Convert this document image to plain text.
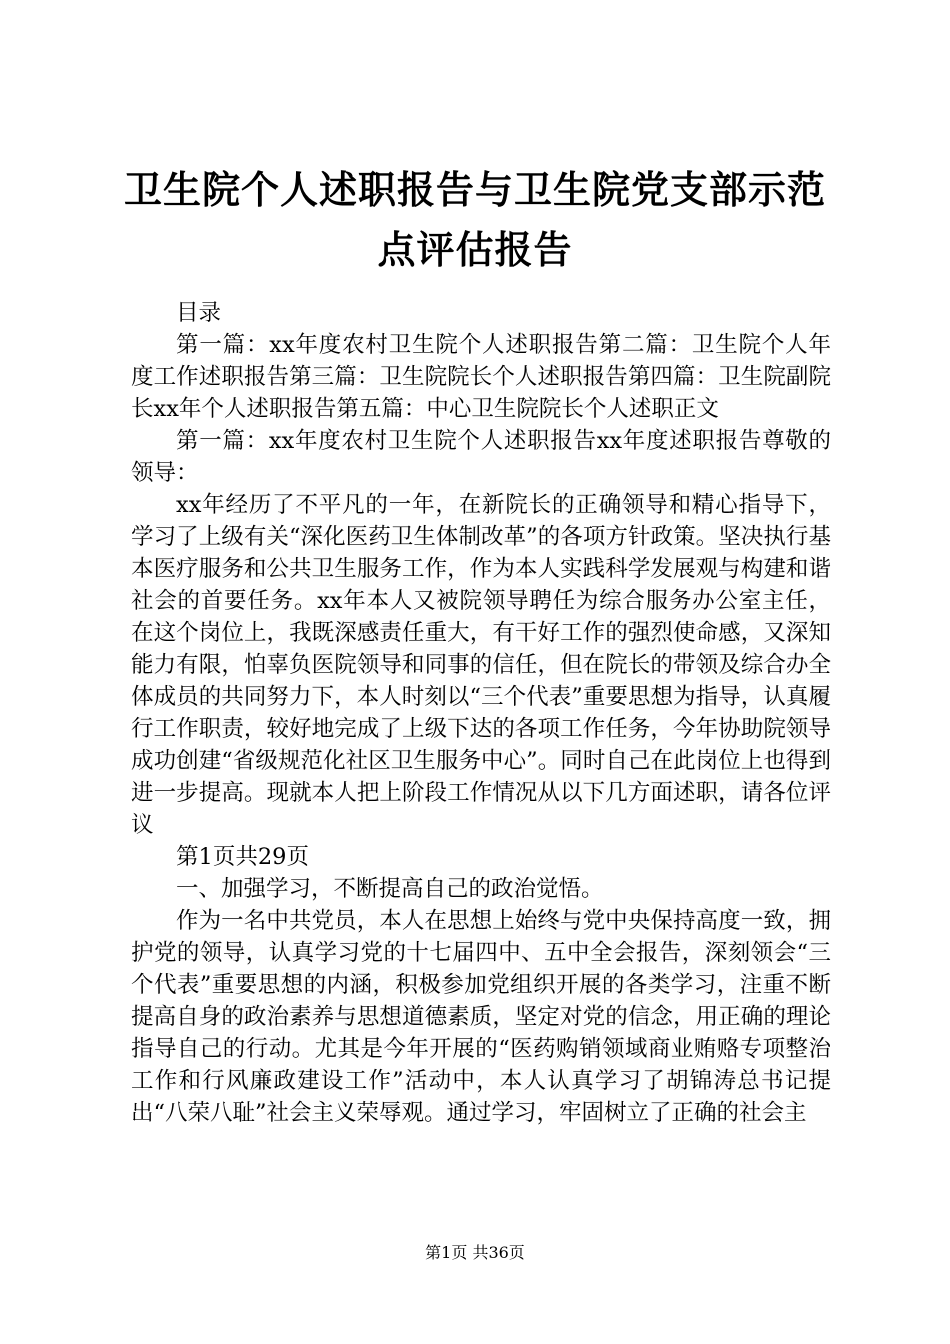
卫生院个人述职报告与卫生院党支部示范点评估报告

目录

第一篇：xx年度农村卫生院个人述职报告第二篇：卫生院个人年度工作述职报告第三篇：卫生院院长个人述职报告第四篇：卫生院副院长xx年个人述职报告第五篇：中心卫生院院长个人述职正文

第一篇：xx年度农村卫生院个人述职报告xx年度述职报告尊敬的领导：

xx年经历了不平凡的一年，在新院长的正确领导和精心指导下，学习了上级有关“深化医药卫生体制改革”的各项方针政策。坚决执行基本医疗服务和公共卫生服务工作，作为本人实践科学发展观与构建和谐社会的首要任务。xx年本人又被院领导聘任为综合服务办公室主任，在这个岗位上，我既深感责任重大，有干好工作的强烈使命感，又深知能力有限，怕辜负医院领导和同事的信任，但在院长的带领及综合办全体成员的共同努力下，本人时刻以“三个代表”重要思想为指导，认真履行工作职责，较好地完成了上级下达的各项工作任务，今年协助院领导成功创建“省级规范化社区卫生服务中心”。同时自己在此岗位上也得到进一步提高。现就本人把上阶段工作情况从以下几方面述职，请各位评议

第1页共29页

一、加强学习，不断提高自己的政治觉悟。

作为一名中共党员，本人在思想上始终与党中央保持高度一致，拥护党的领导，认真学习党的十七届四中、五中全会报告，深刻领会“三个代表”重要思想的内涵，积极参加党组织开展的各类学习，注重不断提高自身的政治素养与思想道德素质，坚定对党的信念，用正确的理论指导自己的行动。尤其是今年开展的“医药购销领域商业贿赂专项整治工作和行风廉政建设工作”活动中，本人认真学习了胡锦涛总书记提出“八荣八耻”社会主义荣辱观。通过学习，牢固树立了正确的社会主

第1页 共36页
